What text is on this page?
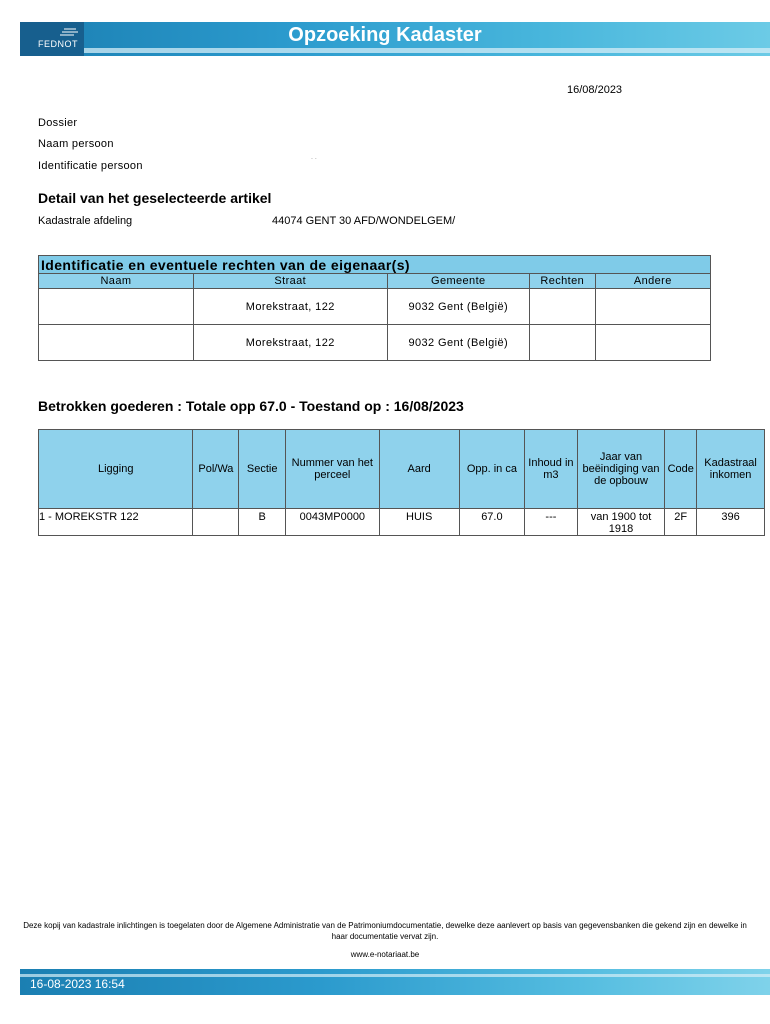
FEDNOT	Opzoeking Kadaster
16/08/2023
Dossier
Naam persoon
Identificatie persoon
. .
Detail van het geselecteerde artikel
Kadastrale afdeling	44074 GENT 30 AFD/WONDELGEM/
Identificatie en eventuele rechten van de eigenaar(s)				
Naam	Straat	Gemeente	Rechten	Andere
	Morekstraat, 122	9032 Gent (België)		
	Morekstraat, 122	9032 Gent (België)		
Betrokken goederen : Totale opp 67.0 - Toestand op : 16/08/2023
Ligging	Pol/Wa	Sectie	Nummer van het perceel	Aard	Opp. in ca	Inhoud in m3	Jaar van beëindiging van de opbouw	Code	Kadastraal inkomen
1 - MOREKSTR 122		B	0043MP0000	HUIS	67.0	---	van 1900 tot 1918	2F	396
Deze kopij van kadastrale inlichtingen is toegelaten door de Algemene Administratie van de Patrimoniumdocumentatie, dewelke deze aanlevert op basis van gegevensbanken die gekend zijn en dewelke in haar documentatie vervat zijn.
www.e-notariaat.be
16-08-2023 16:54
